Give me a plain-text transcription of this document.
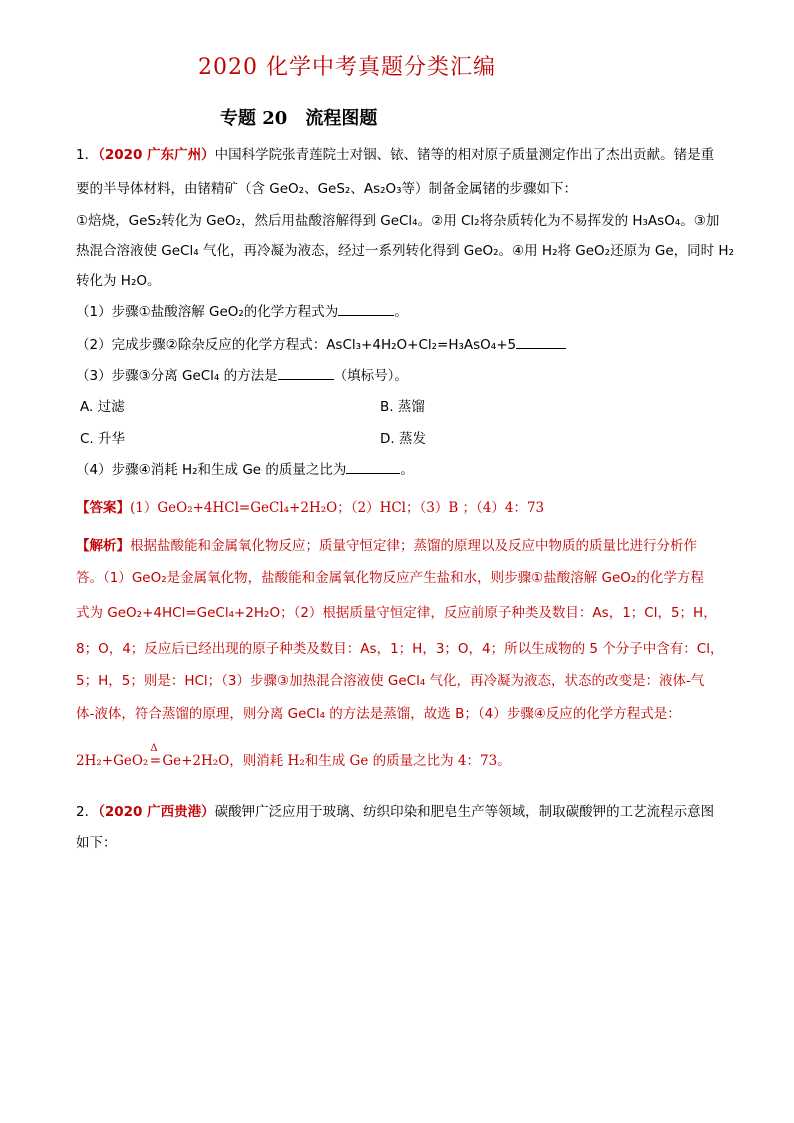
2020 化学中考真题分类汇编
专题 20　流程图题
1．（2020 广东广州）中国科学院张青莲院士对铟、铱、锗等的相对原子质量测定作出了杰出贡献。锗是重
要的半导体材料，由锗精矿（含 GeO₂、GeS₂、As₂O₃等）制备金属锗的步骤如下：
①焙烧，GeS₂转化为 GeO₂，然后用盐酸溶解得到 GeCl₄。②用 Cl₂将杂质转化为不易挥发的 H₃AsO₄。③加
热混合溶液使 GeCl₄ 气化，再冷凝为液态，经过一系列转化得到 GeO₂。④用 H₂将 GeO₂还原为 Ge，同时 H₂
转化为 H₂O。
（1）步骤①盐酸溶解 GeO₂的化学方程式为	。
（2）完成步骤②除杂反应的化学方程式：AsCl₃+4H₂O+Cl₂=H₃AsO₄+5
（3）步骤③分离 GeCl₄ 的方法是	（填标号）。
A. 过滤	B. 蒸馏
C. 升华	D. 蒸发
（4）步骤④消耗 H₂和生成 Ge 的质量之比为	。
【答案】(1）GeO₂+4HCl=GeCl₄+2H₂O；（2）HCl；（3）B ；（4）4：73
【解析】根据盐酸能和金属氧化物反应；质量守恒定律；蒸馏的原理以及反应中物质的质量比进行分析作
答。（1）GeO₂是金属氧化物，盐酸能和金属氧化物反应产生盐和水，则步骤①盐酸溶解 GeO₂的化学方程
式为 GeO₂+4HCl=GeCl₄+2H₂O；（2）根据质量守恒定律，反应前原子种类及数目：As，1；Cl，5；H，
8；O，4；反应后已经出现的原子种类及数目：As，1；H，3；O，4；所以生成物的 5 个分子中含有：Cl，
5；H，5；则是：HCl；（3）步骤③加热混合溶液使 GeCl₄ 气化，再冷凝为液态，状态的改变是：液体-气
体-液体，符合蒸馏的原理，则分离 GeCl₄ 的方法是蒸馏，故选 B；（4）步骤④反应的化学方程式是：
2H₂+GeO₂
Δ
=Ge+2H₂O，则消耗 H₂和生成 Ge 的质量之比为 4：73。
2．（2020 广西贵港）碳酸钾广泛应用于玻璃、纺织印染和肥皂生产等领域，制取碳酸钾的工艺流程示意图
如下：
